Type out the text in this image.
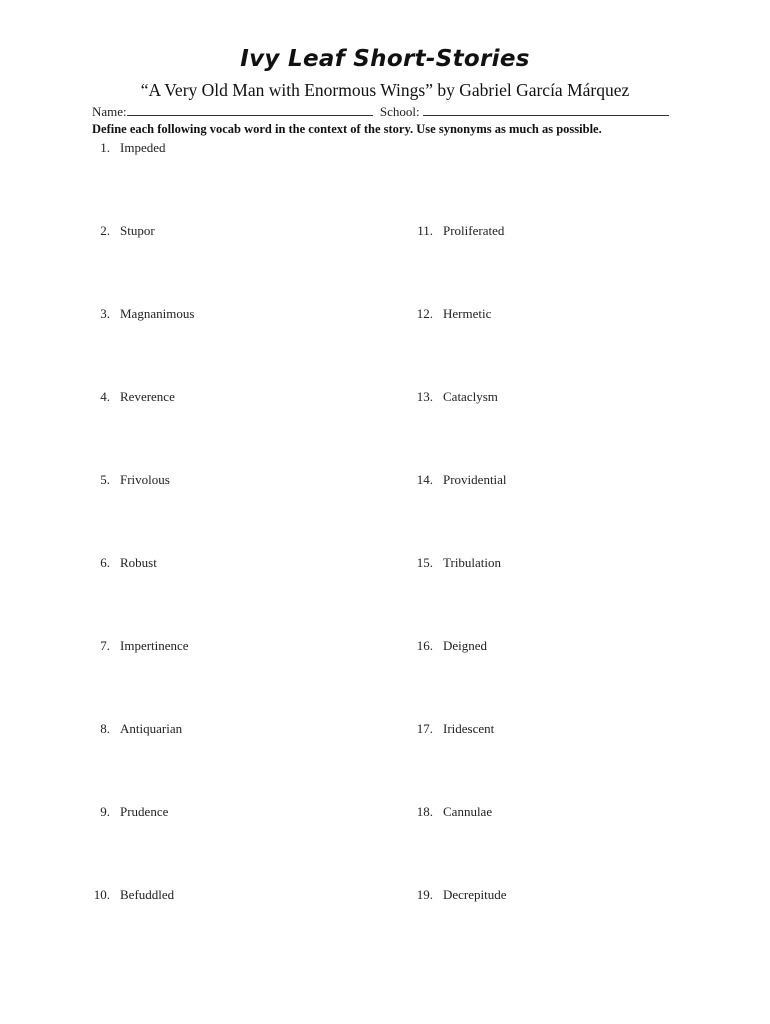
Ivy Leaf Short-Stories
“A Very Old Man with Enormous Wings” by Gabriel García Márquez
Name:	School:
Define each following vocab word in the context of the story. Use synonyms as much as possible.
1. Impeded
2. Stupor
3. Magnanimous
4. Reverence
5. Frivolous
6. Robust
7. Impertinence
8. Antiquarian
9. Prudence
10. Befuddled
11. Proliferated
12. Hermetic
13. Cataclysm
14. Providential
15. Tribulation
16. Deigned
17. Iridescent
18. Cannulae
19. Decrepitude
